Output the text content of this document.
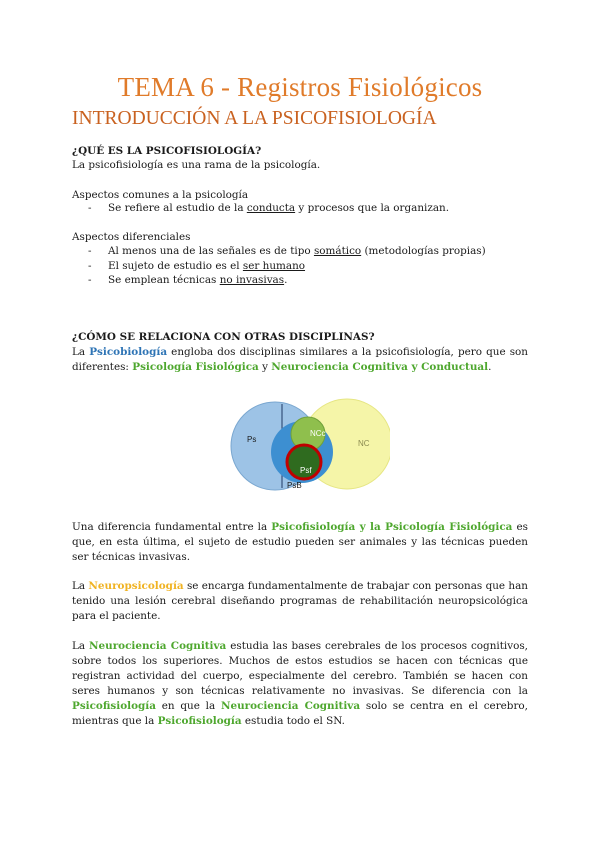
TEMA 6 - Registros Fisiológicos
INTRODUCCIÓN A LA PSICOFISIOLOGÍA
¿QUÉ ES LA PSICOFISIOLOGÍA?
La psicofisiología es una rama de la psicología.
Aspectos comunes a la psicología
- Se refiere al estudio de la conducta y procesos que la organizan.
Aspectos diferenciales
- Al menos una de las señales es de tipo somático (metodologías propias)
- El sujeto de estudio es el ser humano
- Se emplean técnicas no invasivas.
¿CÓMO SE RELACIONA CON OTRAS DISCIPLINAS?
La Psicobiología engloba dos disciplinas similares a la psicofisiología, pero que son diferentes: Psicología Fisiológica y Neurociencia Cognitiva y Conductual.
Una diferencia fundamental entre la Psicofisiología y la Psicología Fisiológica es que, en esta última, el sujeto de estudio pueden ser animales y las técnicas pueden ser técnicas invasivas.
La Neuropsicología se encarga fundamentalmente de trabajar con personas que han tenido una lesión cerebral diseñando programas de rehabilitación neuropsicológica para el paciente.
La Neurociencia Cognitiva estudia las bases cerebrales de los procesos cognitivos, sobre todos los superiores. Muchos de estos estudios se hacen con técnicas que registran actividad del cuerpo, especialmente del cerebro. También se hacen con seres humanos y son técnicas relativamente no invasivas. Se diferencia con la Psicofisiología en que la Neurociencia Cognitiva solo se centra en el cerebro, mientras que la Psicofisiología estudia todo el SN.
Ps	NC
NCc
Psf
PsB
